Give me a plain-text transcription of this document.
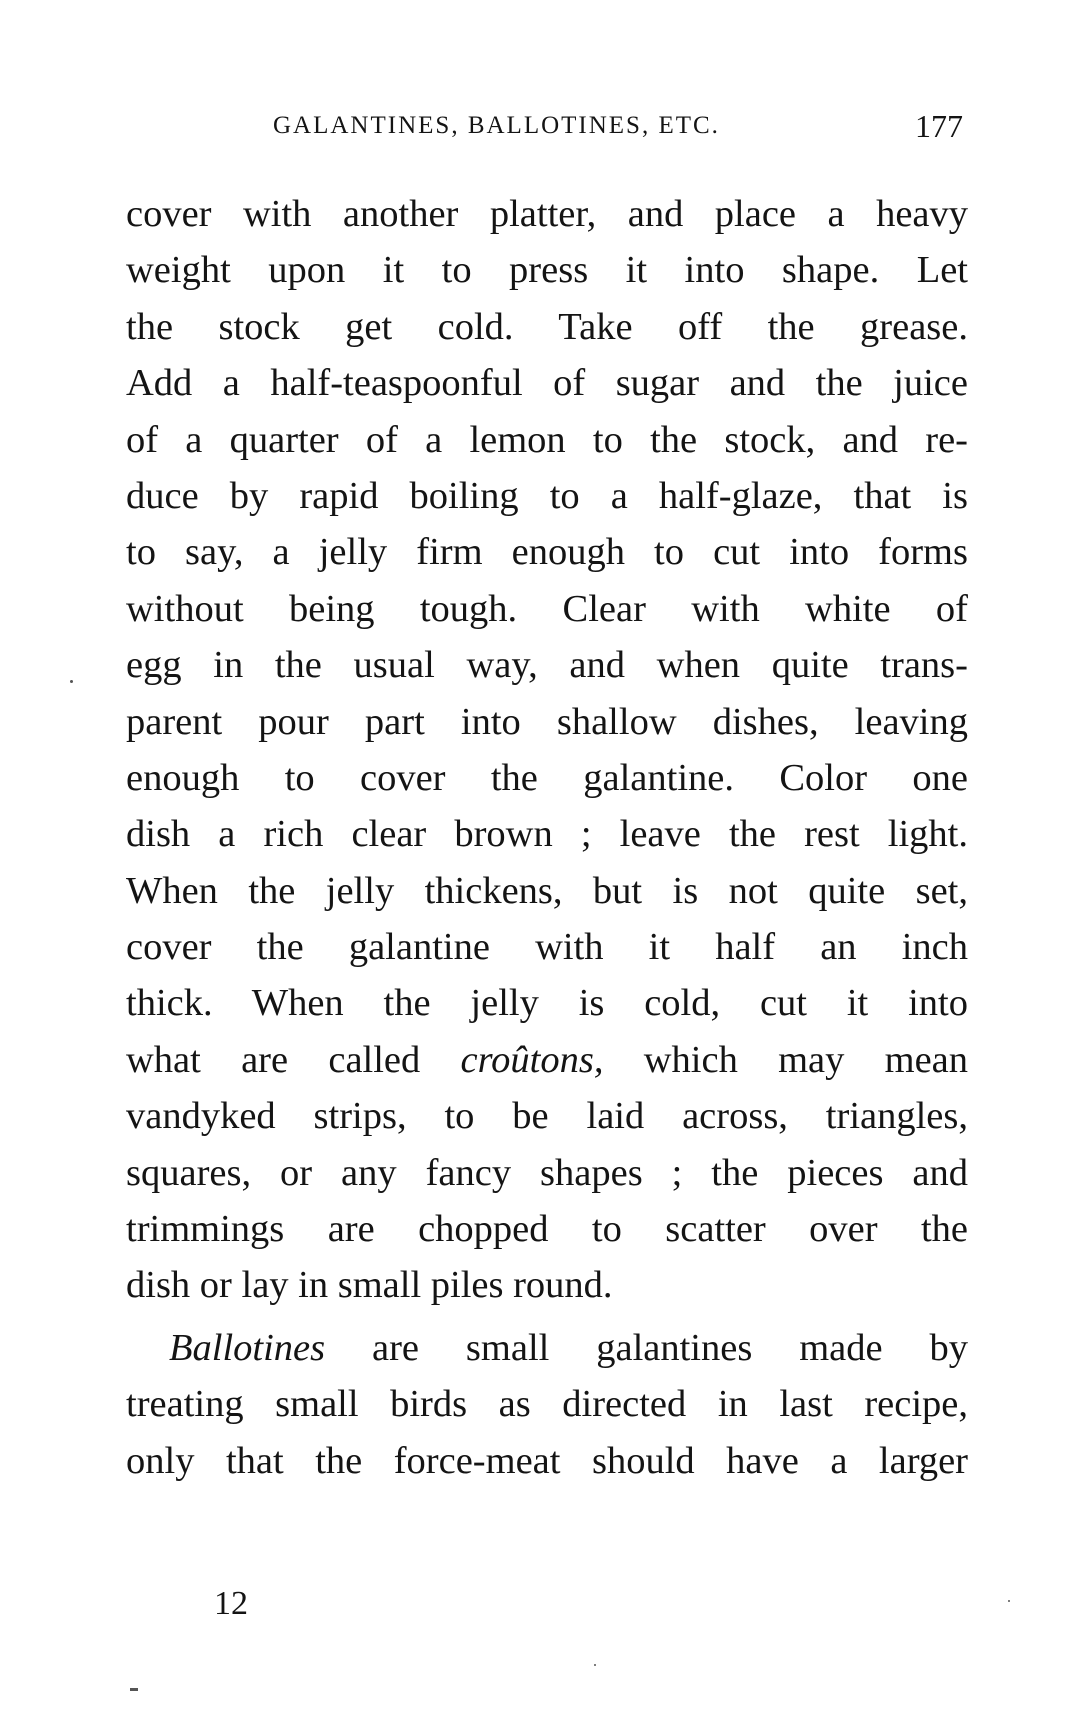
GALANTINES, BALLOTINES, ETC.	177
cover with another platter, and place a heavy
weight upon it to press it into shape. Let
the stock get cold. Take off the grease.
Add a half-teaspoonful of sugar and the juice
of a quarter of a lemon to the stock, and re-
duce by rapid boiling to a half-glaze, that is
to say, a jelly firm enough to cut into forms
without being tough. Clear with white of
egg in the usual way, and when quite trans-
parent pour part into shallow dishes, leaving
enough to cover the galantine. Color one
dish a rich clear brown ; leave the rest light.
When the jelly thickens, but is not quite set,
cover the galantine with it half an inch
thick. When the jelly is cold, cut it into
what are called croûtons, which may mean
vandyked strips, to be laid across, triangles,
squares, or any fancy shapes ; the pieces and
trimmings are chopped to scatter over the
dish or lay in small piles round.
Ballotines are small galantines made by
treating small birds as directed in last recipe,
only that the force-meat should have a larger
12
